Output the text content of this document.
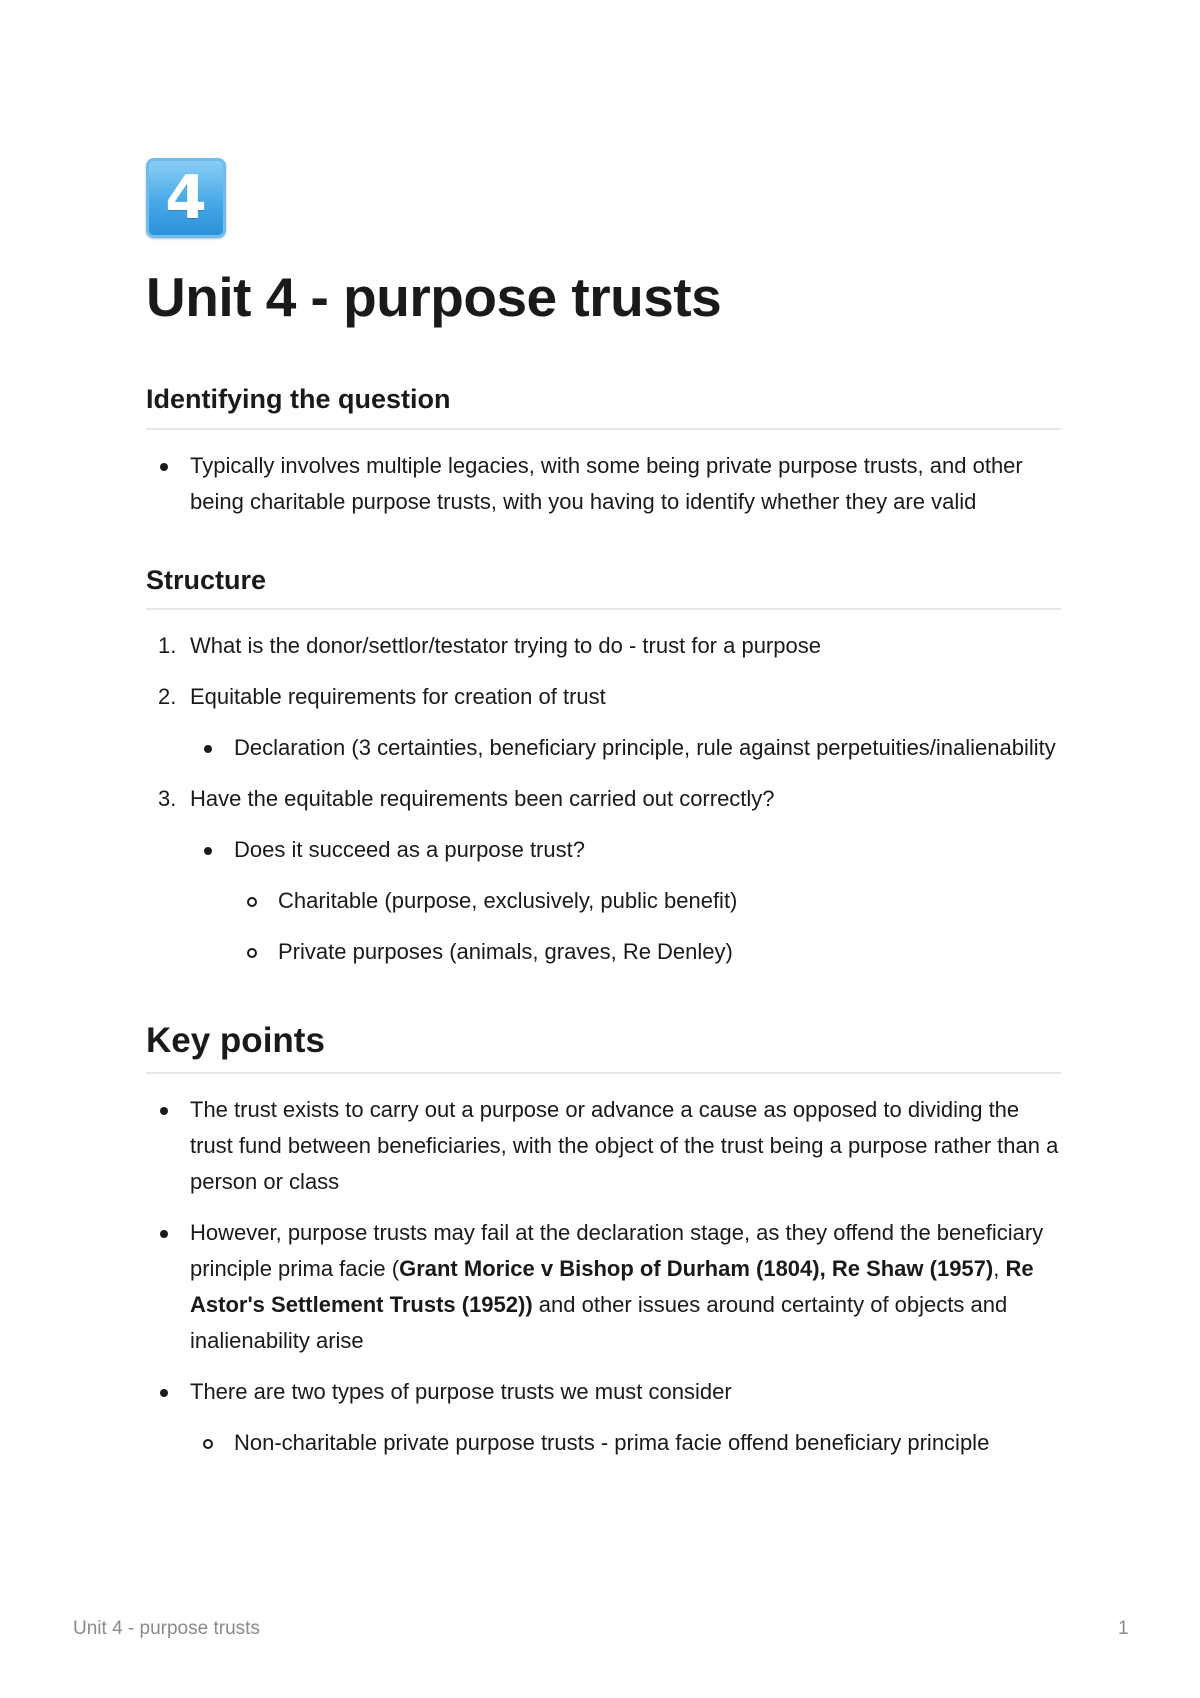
4
Unit 4 - purpose trusts
Identifying the question
Typically involves multiple legacies, with some being private purpose trusts, and other being charitable purpose trusts, with you having to identify whether they are valid
Structure
1. What is the donor/settlor/testator trying to do - trust for a purpose
2. Equitable requirements for creation of trust
Declaration (3 certainties, beneficiary principle, rule against perpetuities/inalienability
3. Have the equitable requirements been carried out correctly?
Does it succeed as a purpose trust?
Charitable (purpose, exclusively, public benefit)
Private purposes (animals, graves, Re Denley)
Key points
The trust exists to carry out a purpose or advance a cause as opposed to dividing the trust fund between beneficiaries, with the object of the trust being a purpose rather than a person or class
However, purpose trusts may fail at the declaration stage, as they offend the beneficiary principle prima facie (Grant Morice v Bishop of Durham (1804), Re Shaw (1957), Re Astor's Settlement Trusts (1952)) and other issues around certainty of objects and inalienability arise
There are two types of purpose trusts we must consider
Non-charitable private purpose trusts - prima facie offend beneficiary principle
Unit 4 - purpose trusts	1
